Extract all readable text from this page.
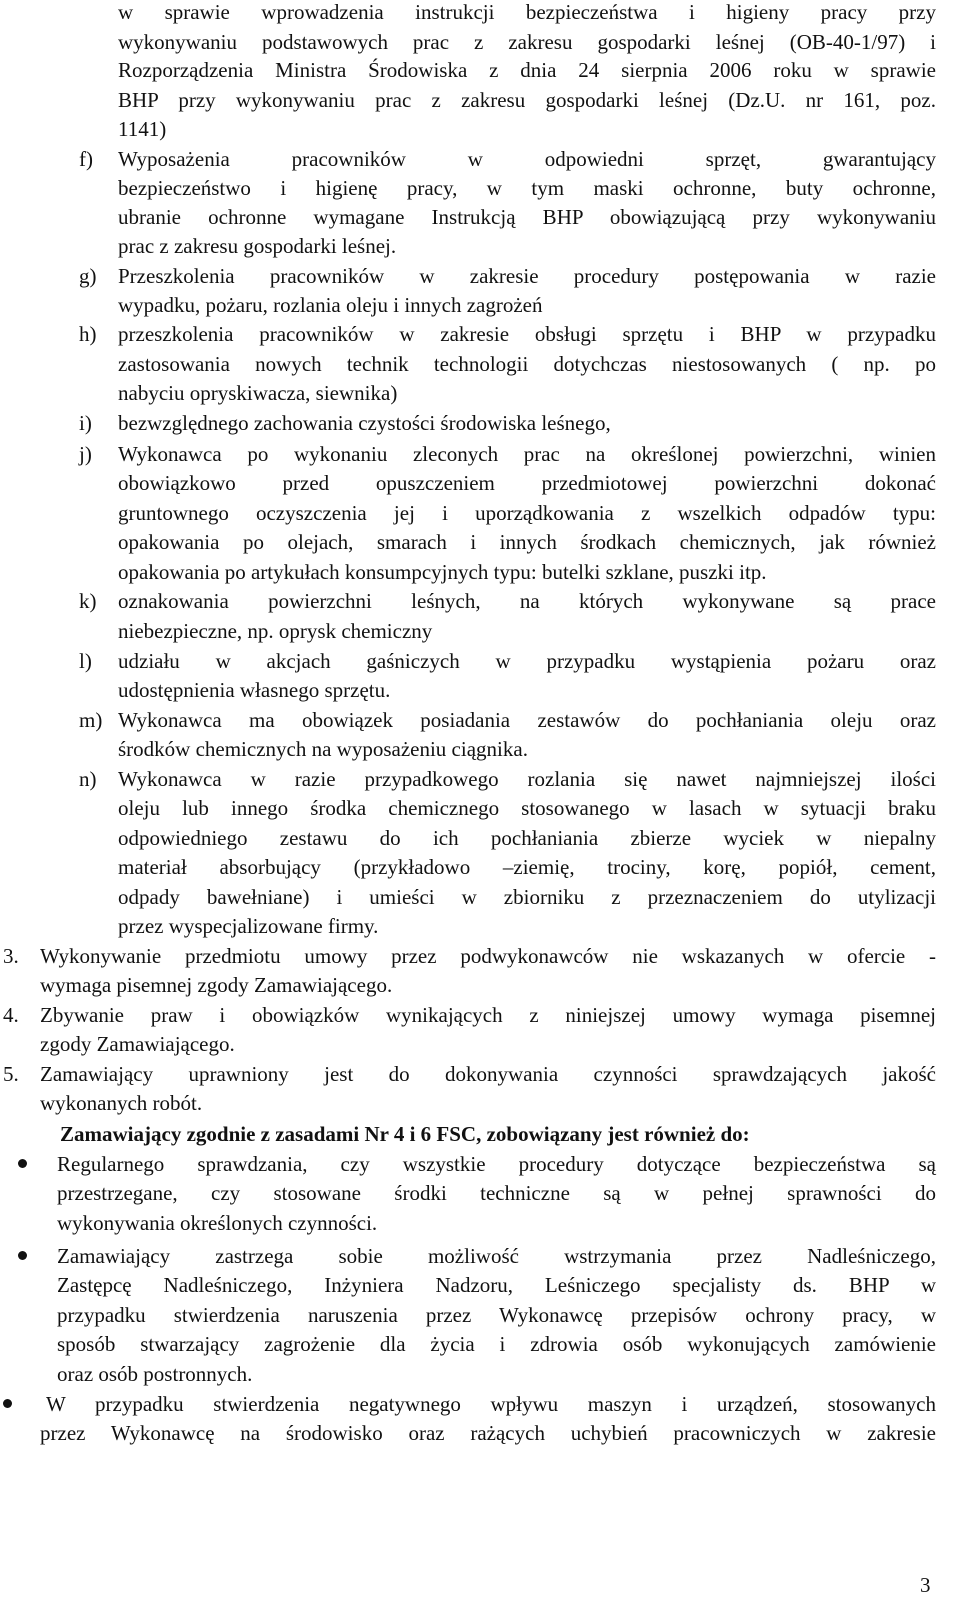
w sprawie wprowadzenia instrukcji bezpieczeństwa i higieny pracy przy
wykonywaniu podstawowych prac z zakresu gospodarki leśnej (OB-40-1/97) i
Rozporządzenia Ministra Środowiska z dnia 24 sierpnia 2006 roku w sprawie
BHP przy wykonywaniu prac z zakresu gospodarki leśnej (Dz.U. nr 161, poz.
1141)
f) Wyposażenia pracowników w odpowiedni sprzęt, gwarantujący
bezpieczeństwo i higienę pracy, w tym maski ochronne, buty ochronne,
ubranie ochronne wymagane Instrukcją BHP obowiązującą przy wykonywaniu
prac z zakresu gospodarki leśnej.
g) Przeszkolenia pracowników w zakresie procedury postępowania w razie
wypadku, pożaru, rozlania oleju i innych zagrożeń
h) przeszkolenia pracowników w zakresie obsługi sprzętu i BHP w przypadku
zastosowania nowych technik technologii dotychczas niestosowanych ( np. po
nabyciu opryskiwacza, siewnika)
i) bezwzględnego zachowania czystości środowiska leśnego,
j) Wykonawca po wykonaniu zleconych prac na określonej powierzchni, winien
obowiązkowo przed opuszczeniem przedmiotowej powierzchni dokonać
gruntownego oczyszczenia jej i uporządkowania z wszelkich odpadów typu:
opakowania po olejach, smarach i innych środkach chemicznych, jak również
opakowania po artykułach konsumpcyjnych typu: butelki szklane, puszki itp.
k) oznakowania powierzchni leśnych, na których wykonywane są prace
niebezpieczne, np. oprysk chemiczny
l) udziału w akcjach gaśniczych w przypadku wystąpienia pożaru oraz
udostępnienia własnego sprzętu.
m) Wykonawca ma obowiązek posiadania zestawów do pochłaniania oleju oraz
środków chemicznych na wyposażeniu ciągnika.
n) Wykonawca w razie przypadkowego rozlania się nawet najmniejszej ilości
oleju lub innego środka chemicznego stosowanego w lasach w sytuacji braku
odpowiedniego zestawu do ich pochłaniania zbierze wyciek w niepalny
materiał absorbujący (przykładowo –ziemię, trociny, korę, popiół, cement,
odpady bawełniane) i umieści w zbiorniku z przeznaczeniem do utylizacji
przez wyspecjalizowane firmy.
3. Wykonywanie przedmiotu umowy przez podwykonawców nie wskazanych w ofercie -
wymaga pisemnej zgody Zamawiającego.
4. Zbywanie praw i obowiązków wynikających z niniejszej umowy wymaga pisemnej
zgody Zamawiającego.
5. Zamawiający uprawniony jest do dokonywania czynności sprawdzających jakość
wykonanych robót.
Zamawiający zgodnie z zasadami Nr 4 i 6 FSC, zobowiązany jest również do:
Regularnego sprawdzania, czy wszystkie procedury dotyczące bezpieczeństwa są
przestrzegane, czy stosowane środki techniczne są w pełnej sprawności do
wykonywania określonych czynności.
Zamawiający zastrzega sobie możliwość wstrzymania przez Nadleśniczego,
Zastępcę Nadleśniczego, Inżyniera Nadzoru, Leśniczego specjalisty ds. BHP w
przypadku stwierdzenia naruszenia przez Wykonawcę przepisów ochrony pracy, w
sposób stwarzający zagrożenie dla życia i zdrowia osób wykonujących zamówienie
oraz osób postronnych.
W przypadku stwierdzenia negatywnego wpływu maszyn i urządzeń, stosowanych
przez Wykonawcę na środowisko oraz rażących uchybień pracowniczych w zakresie
3
